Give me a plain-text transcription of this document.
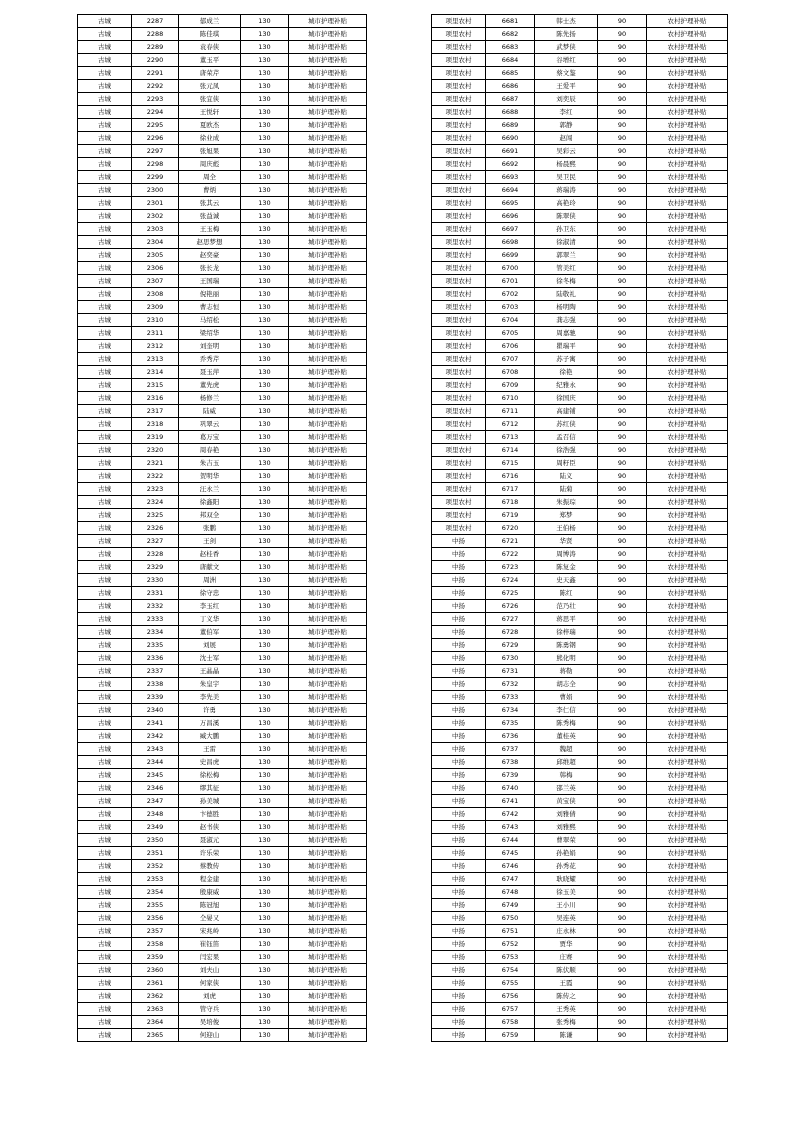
古城	2287	郁成兰	130	城市护理补贴
古城	2288	陈佳琪	130	城市护理补贴
古城	2289	袁春侠	130	城市护理补贴
古城	2290	董玉平	130	城市护理补贴
古城	2291	唐荣芹	130	城市护理补贴
古城	2292	张元凤	130	城市护理补贴
古城	2293	张宜侠	130	城市护理补贴
古城	2294	王悦轩	130	城市护理补贴
古城	2295	夏欧杰	130	城市护理补贴
古城	2296	徐业成	130	城市护理补贴
古城	2297	张旭果	130	城市护理补贴
古城	2298	周庆彪	130	城市护理补贴
古城	2299	周全	130	城市护理补贴
古城	2300	曹炳	130	城市护理补贴
古城	2301	张其云	130	城市护理补贴
古城	2302	张益诚	130	城市护理补贴
古城	2303	王玉梅	130	城市护理补贴
古城	2304	赵思梦想	130	城市护理补贴
古城	2305	赵奕豪	130	城市护理补贴
古城	2306	张长龙	130	城市护理补贴
古城	2307	王国瑞	130	城市护理补贴
古城	2308	倪艳丽	130	城市护理补贴
古城	2309	曹志恒	130	城市护理补贴
古城	2310	马绍松	130	城市护理补贴
古城	2311	梁绍华	130	城市护理补贴
古城	2312	刘奎明	130	城市护理补贴
古城	2313	乔秀芹	130	城市护理补贴
古城	2314	聂玉萍	130	城市护理补贴
古城	2315	董先虎	130	城市护理补贴
古城	2316	杨修兰	130	城市护理补贴
古城	2317	陆威	130	城市护理补贴
古城	2318	巩翠云	130	城市护理补贴
古城	2319	葛万宝	130	城市护理补贴
古城	2320	周春艳	130	城市护理补贴
古城	2321	朱吉玉	130	城市护理补贴
古城	2322	贺明华	130	城市护理补贴
古城	2323	汪永兰	130	城市护理补贴
古城	2324	徐鑫阳	130	城市护理补贴
古城	2325	邦双全	130	城市护理补贴
古城	2326	张鹏	130	城市护理补贴
古城	2327	王剑	130	城市护理补贴
古城	2328	赵桂香	130	城市护理补贴
古城	2329	唐献文	130	城市护理补贴
古城	2330	周洲	130	城市护理补贴
古城	2331	徐守忠	130	城市护理补贴
古城	2332	李玉红	130	城市护理补贴
古城	2333	丁义华	130	城市护理补贴
古城	2334	董伯军	130	城市护理补贴
古城	2335	刘展	130	城市护理补贴
古城	2336	沈士军	130	城市护理补贴
古城	2337	王晶晶	130	城市护理补贴
古城	2338	朱皇宇	130	城市护理补贴
古城	2339	李先美	130	城市护理补贴
古城	2340	许勇	130	城市护理补贴
古城	2341	万昌溪	130	城市护理补贴
古城	2342	臧大鹏	130	城市护理补贴
古城	2343	王雷	130	城市护理补贴
古城	2344	史昌虎	130	城市护理补贴
古城	2345	徐松梅	130	城市护理补贴
古城	2346	缪其征	130	城市护理补贴
古城	2347	孙美城	130	城市护理补贴
古城	2348	卞德胜	130	城市护理补贴
古城	2349	赵书侠	130	城市护理补贴
古城	2350	聂淑元	130	城市护理补贴
古城	2351	许乐荣	130	城市护理补贴
古城	2352	蔡教传	130	城市护理补贴
古城	2353	程金建	130	城市护理补贴
古城	2354	殷康威	130	城市护理补贴
古城	2355	陈冠旭	130	城市护理补贴
古城	2356	仝晏又	130	城市护理补贴
古城	2357	宋兆岭	130	城市护理补贴
古城	2358	崔钰笛	130	城市护理补贴
古城	2359	闫宏果	130	城市护理补贴
古城	2360	刘夫山	130	城市护理补贴
古城	2361	何家侠	130	城市护理补贴
古城	2362	刘虎	130	城市护理补贴
古城	2363	管守兵	130	城市护理补贴
古城	2364	吴培俊	130	城市护理补贴
古城	2365	何迎山	130	城市护理补贴
项里农村	6681	韩士杰	90	农村护理补贴
项里农村	6682	陈先扬	90	农村护理补贴
项里农村	6683	武梦侠	90	农村护理补贴
项里农村	6684	谷增红	90	农村护理补贴
项里农村	6685	蔡文鉴	90	农村护理补贴
项里农村	6686	王爱平	90	农村护理补贴
项里农村	6687	刘奕辰	90	农村护理补贴
项里农村	6688	李红	90	农村护理补贴
项里农村	6689	郭静	90	农村护理补贴
项里农村	6690	赵闯	90	农村护理补贴
项里农村	6691	吴彩云	90	农村护理补贴
项里农村	6692	杨晨熙	90	农村护理补贴
项里农村	6693	吴卫民	90	农村护理补贴
项里农村	6694	蒋瑞涛	90	农村护理补贴
项里农村	6695	高艳玲	90	农村护理补贴
项里农村	6696	陈翠侠	90	农村护理补贴
项里农村	6697	孙卫东	90	农村护理补贴
项里农村	6698	徐淑清	90	农村护理补贴
项里农村	6699	郭翠兰	90	农村护理补贴
项里农村	6700	管美红	90	农村护理补贴
项里农村	6701	徐冬梅	90	农村护理补贴
项里农村	6702	陆敬礼	90	农村护理补贴
项里农村	6703	杨明陶	90	农村护理补贴
项里农村	6704	龚志强	90	农村护理补贴
项里农村	6705	周嘉驰	90	农村护理补贴
项里农村	6706	瞿瑞平	90	农村护理补贴
项里农村	6707	苏子寓	90	农村护理补贴
项里农村	6708	徐艳	90	农村护理补贴
项里农村	6709	纪雅永	90	农村护理补贴
项里农村	6710	徐国庆	90	农村护理补贴
项里农村	6711	高建铺	90	农村护理补贴
项里农村	6712	苏红侠	90	农村护理补贴
项里农村	6713	孟召信	90	农村护理补贴
项里农村	6714	徐浩强	90	农村护理补贴
项里农村	6715	周籽臣	90	农村护理补贴
项里农村	6716	陆义	90	农村护理补贴
项里农村	6717	陆菊	90	农村护理补贴
项里农村	6718	朱振琮	90	农村护理补贴
项里农村	6719	郑梦	90	农村护理补贴
项里农村	6720	王伯杨	90	农村护理补贴
中扬	6721	华贤	90	农村护理补贴
中扬	6722	周博涛	90	农村护理补贴
中扬	6723	陈复金	90	农村护理补贴
中扬	6724	史天鑫	90	农村护理补贴
中扬	6725	陈红	90	农村护理补贴
中扬	6726	范乃壮	90	农村护理补贴
中扬	6727	蒋思平	90	农村护理补贴
中扬	6728	徐梓瑞	90	农村护理补贴
中扬	6729	陈勇钢	90	农村护理补贴
中扬	6730	熊化明	90	农村护理补贴
中扬	6731	蒋勒	90	农村护理补贴
中扬	6732	胡志全	90	农村护理补贴
中扬	6733	曹娟	90	农村护理补贴
中扬	6734	李仁信	90	农村护理补贴
中扬	6735	陈秀梅	90	农村护理补贴
中扬	6736	董桂英	90	农村护理补贴
中扬	6737	魏超	90	农村护理补贴
中扬	6738	邱维超	90	农村护理补贴
中扬	6739	韩梅	90	农村护理补贴
中扬	6740	邵兰英	90	农村护理补贴
中扬	6741	黄宝侠	90	农村护理补贴
中扬	6742	刘雅倩	90	农村护理补贴
中扬	6743	刘雅熙	90	农村护理补贴
中扬	6744	曹翠荣	90	农村护理补贴
中扬	6745	孙艳娟	90	农村护理补贴
中扬	6746	孙秀花	90	农村护理补贴
中扬	6747	耿晓耀	90	农村护理补贴
中扬	6748	徐玉美	90	农村护理补贴
中扬	6749	王小川	90	农村护理补贴
中扬	6750	吴连英	90	农村护理补贴
中扬	6751	庄永林	90	农村护理补贴
中扬	6752	贾华	90	农村护理补贴
中扬	6753	庄赛	90	农村护理补贴
中扬	6754	陈伏顺	90	农村护理补贴
中扬	6755	王霞	90	农村护理补贴
中扬	6756	陈传之	90	农村护理补贴
中扬	6757	王秀英	90	农村护理补贴
中扬	6758	张秀梅	90	农村护理补贴
中扬	6759	陈谦	90	农村护理补贴
